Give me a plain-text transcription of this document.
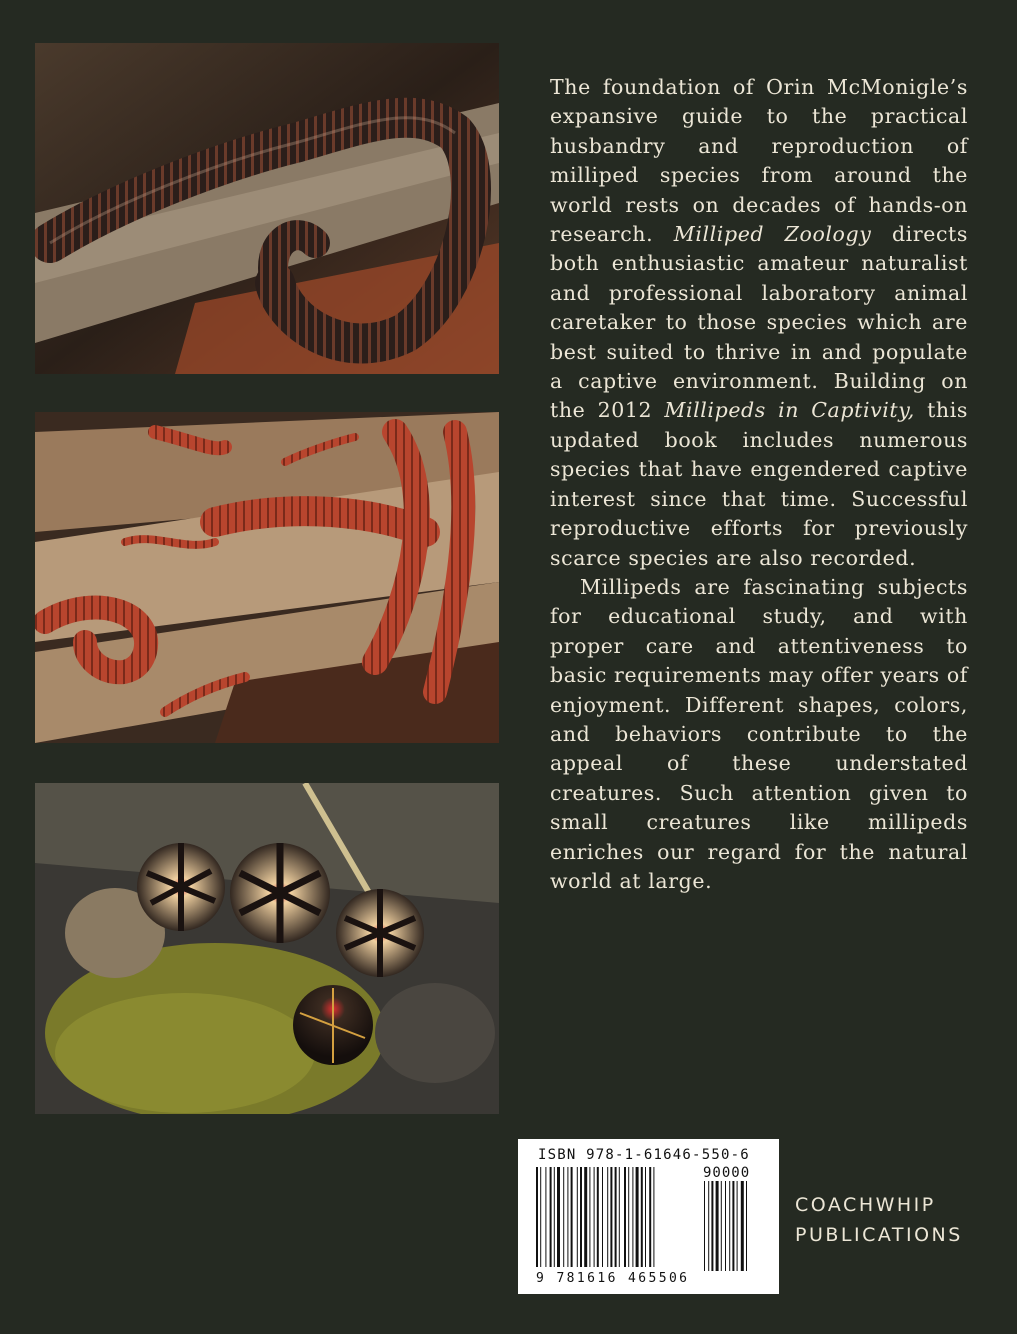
The foundation of Orin McMonigle’s expansive guide to the practical husbandry and reproduction of milliped species from around the world rests on decades of hands-on research. Milliped Zoology directs both enthusiastic amateur naturalist and professional laboratory animal caretaker to those species which are best suited to thrive in and populate a captive environment. Building on the 2012 Millipeds in Captivity, this updated book includes numerous species that have engendered captive interest since that time. Successful reproductive efforts for previously scarce species are also recorded.

Millipeds are fascinating subjects for educational study, and with proper care and attentiveness to basic requirements may offer years of enjoyment. Different shapes, colors, and behaviors contribute to the appeal of these understated creatures. Such attention given to small creatures like millipeds enriches our regard for the natural world at large.

ISBN 978-1-61646-550-6
90000
9 781616 465506
COACHWHIP
PUBLICATIONS
